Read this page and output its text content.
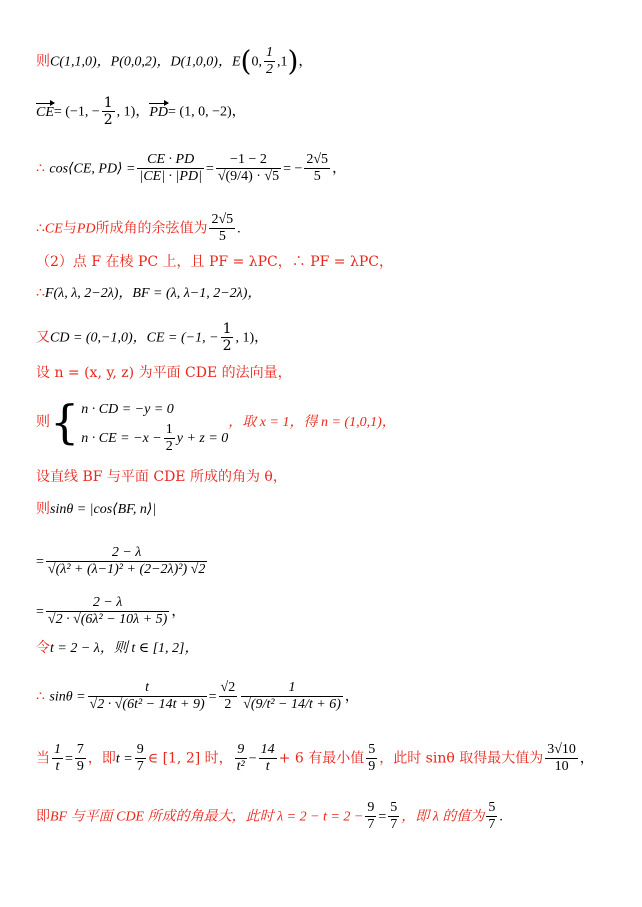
则C(1,1,0)，P(0,0,2)，D(1,0,0)，E(0, $\frac{1}{2} ,1$)，
CE= (−1, − $\frac{1}{2}$ , 1)，PD= (1, 0, −2)，
∴ cos⟨CE, PD⟩ = $\frac{CE \cdot PD}{|CE| \cdot |PD|} = \frac{-1 - 2}{√(9/4) \cdot √5}$ = − $\frac{2√5}{5}$ ，
∴CE与PD所成角的余弦值为 $\frac{2√5}{5}$ .
（2）点 F 在棱 PC 上，且 PF = λPC，∴ PF = λPC，
∴F(λ, λ, 2−2λ)，BF = (λ, λ−1, 2−2λ)，
又CD = (0,−1,0)，CE = (−1, − $\frac{1}{2}$ , 1)，
设 n = (x, y, z) 为平面 CDE 的法向量，
则{ n · CD = −y = 0
n · CE = $-x - \frac{1}{2}$ y + z = 0
，取 x = 1，得 n = (1,0,1)，
设直线 BF 与平面 CDE 所成的角为 θ，
则sinθ = |cos⟨BF, n⟩|
= $\frac{2 - \lambda}{\text{√(λ² + (λ−1)² + (2−2λ)²) √2}}$
= $\frac{2 - \lambda}{\text{√2 · √(6λ² − 10λ + 5)}}$ ，
令t = 2 − λ，则 t ∈ [1, 2]，
∴ $\sin\theta = \frac{t}{\text{√2 · √(6t² − 14t + 9)}} = \frac{√2}{2} \frac{1}{\text{√(9/t² − 14/t + 6)}}$ ，
当 $\frac{1}{t} = \frac{7}{9}$ ，即$t = \frac{9}{7}$ ∈ [1, 2] 时， $\frac{9}{\text{t²}} - \frac{14}{t} + 6$ 有最小值 $\frac{5}{9}$ ，此时 sinθ 取得最大值为 $\frac{3√10}{10}$ ，
即BF 与平面 CDE 所成的角最大，此时 $\lambda = 2 - t = 2 - \frac{9}{7} = \frac{5}{7}$ ，即 λ 的值为 $\frac{5}{7}$ .
